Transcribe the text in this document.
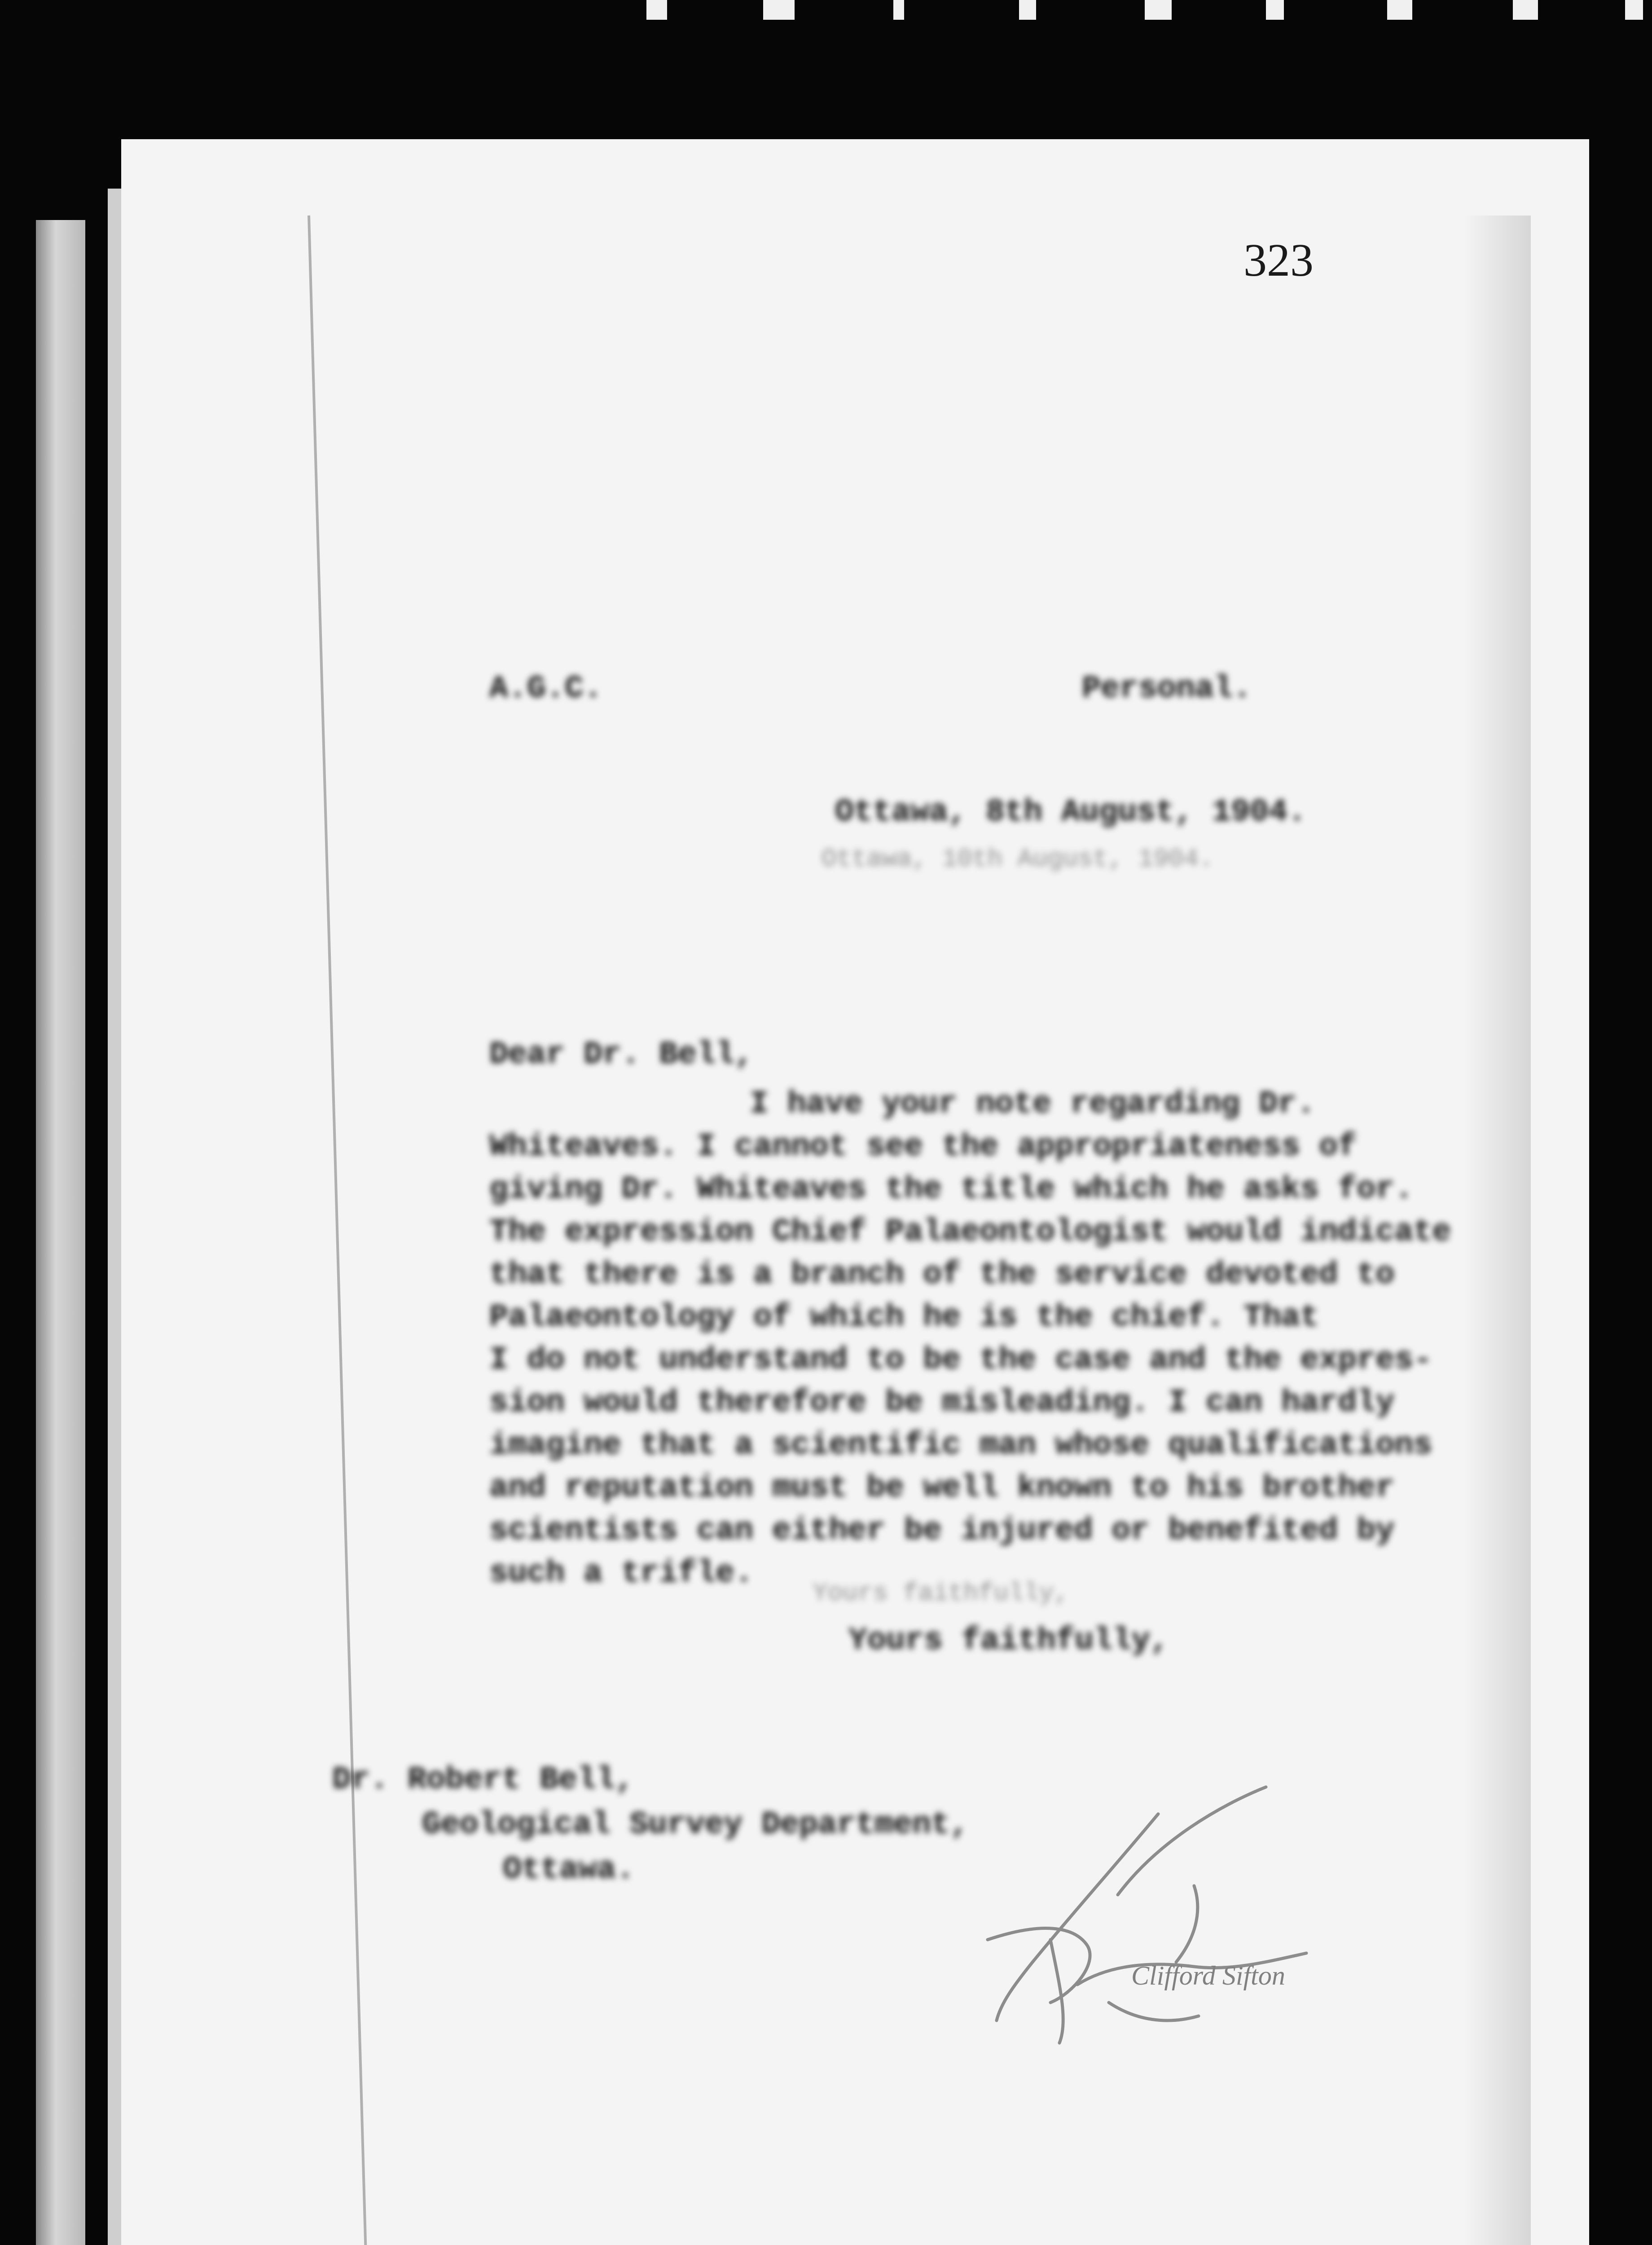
323
A.G.C.	Personal.
Ottawa, 8th August, 1904.
Ottawa, 10th August, 1904.
Dear Dr. Bell,
I have your note regarding Dr.
Whiteaves. I cannot see the appropriateness of
giving Dr. Whiteaves the title which he asks for.
The expression Chief Palaeontologist would indicate
that there is a branch of the service devoted to
Palaeontology of which he is the chief. That
I do not understand to be the case and the expres-
sion would therefore be misleading. I can hardly
imagine that a scientific man whose qualifications
and reputation must be well known to his brother
scientists can either be injured or benefited by
such a trifle.
Yours faithfully,
Yours faithfully,
Dr. Robert Bell,
Geological Survey Department,
Ottawa.
Clifford Sifton
